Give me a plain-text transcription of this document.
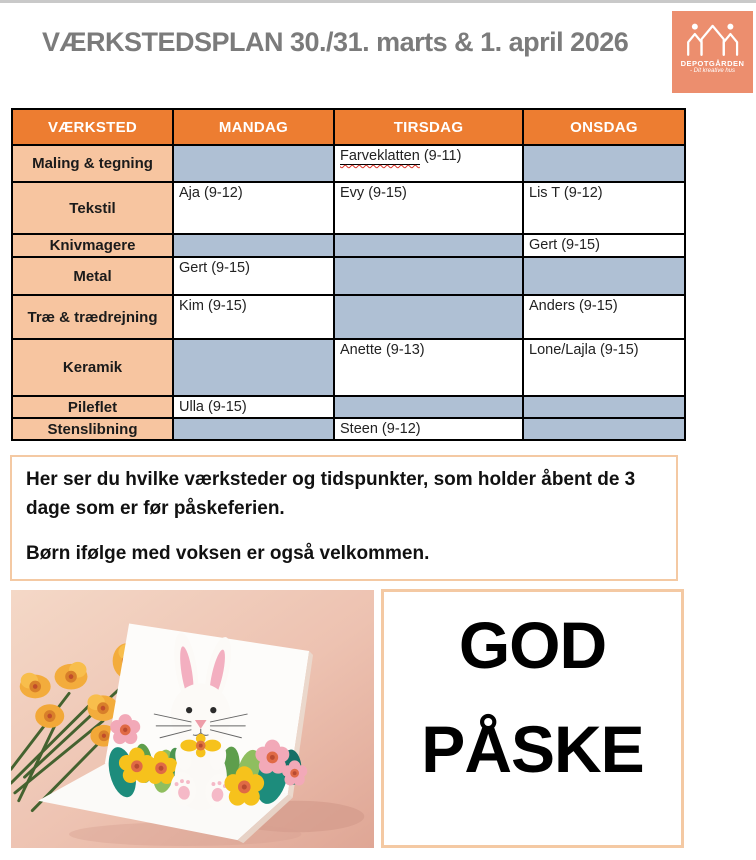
VÆRKSTEDSPLAN 30./31. marts & 1. april 2026
DEPOTGÅRDEN
- Dit kreative hus
VÆRKSTED	MANDAG	TIRSDAG	ONSDAG
Maling & tegning		Farveklatten (9-11)	
Tekstil	Aja (9-12)	Evy (9-15)	Lis T (9-12)
Knivmagere			Gert (9-15)
Metal	Gert (9-15)		
Træ & trædrejning	Kim (9-15)		Anders (9-15)
Keramik		Anette (9-13)	Lone/Lajla (9-15)
Pileflet	Ulla (9-15)		
Stenslibning		Steen (9-12)	

Her ser du hvilke værksteder og tidspunkter, som holder åbent de 3 dage som er før påskeferien.

Børn ifølge med voksen er også velkommen.

GOD
PÅSKE
